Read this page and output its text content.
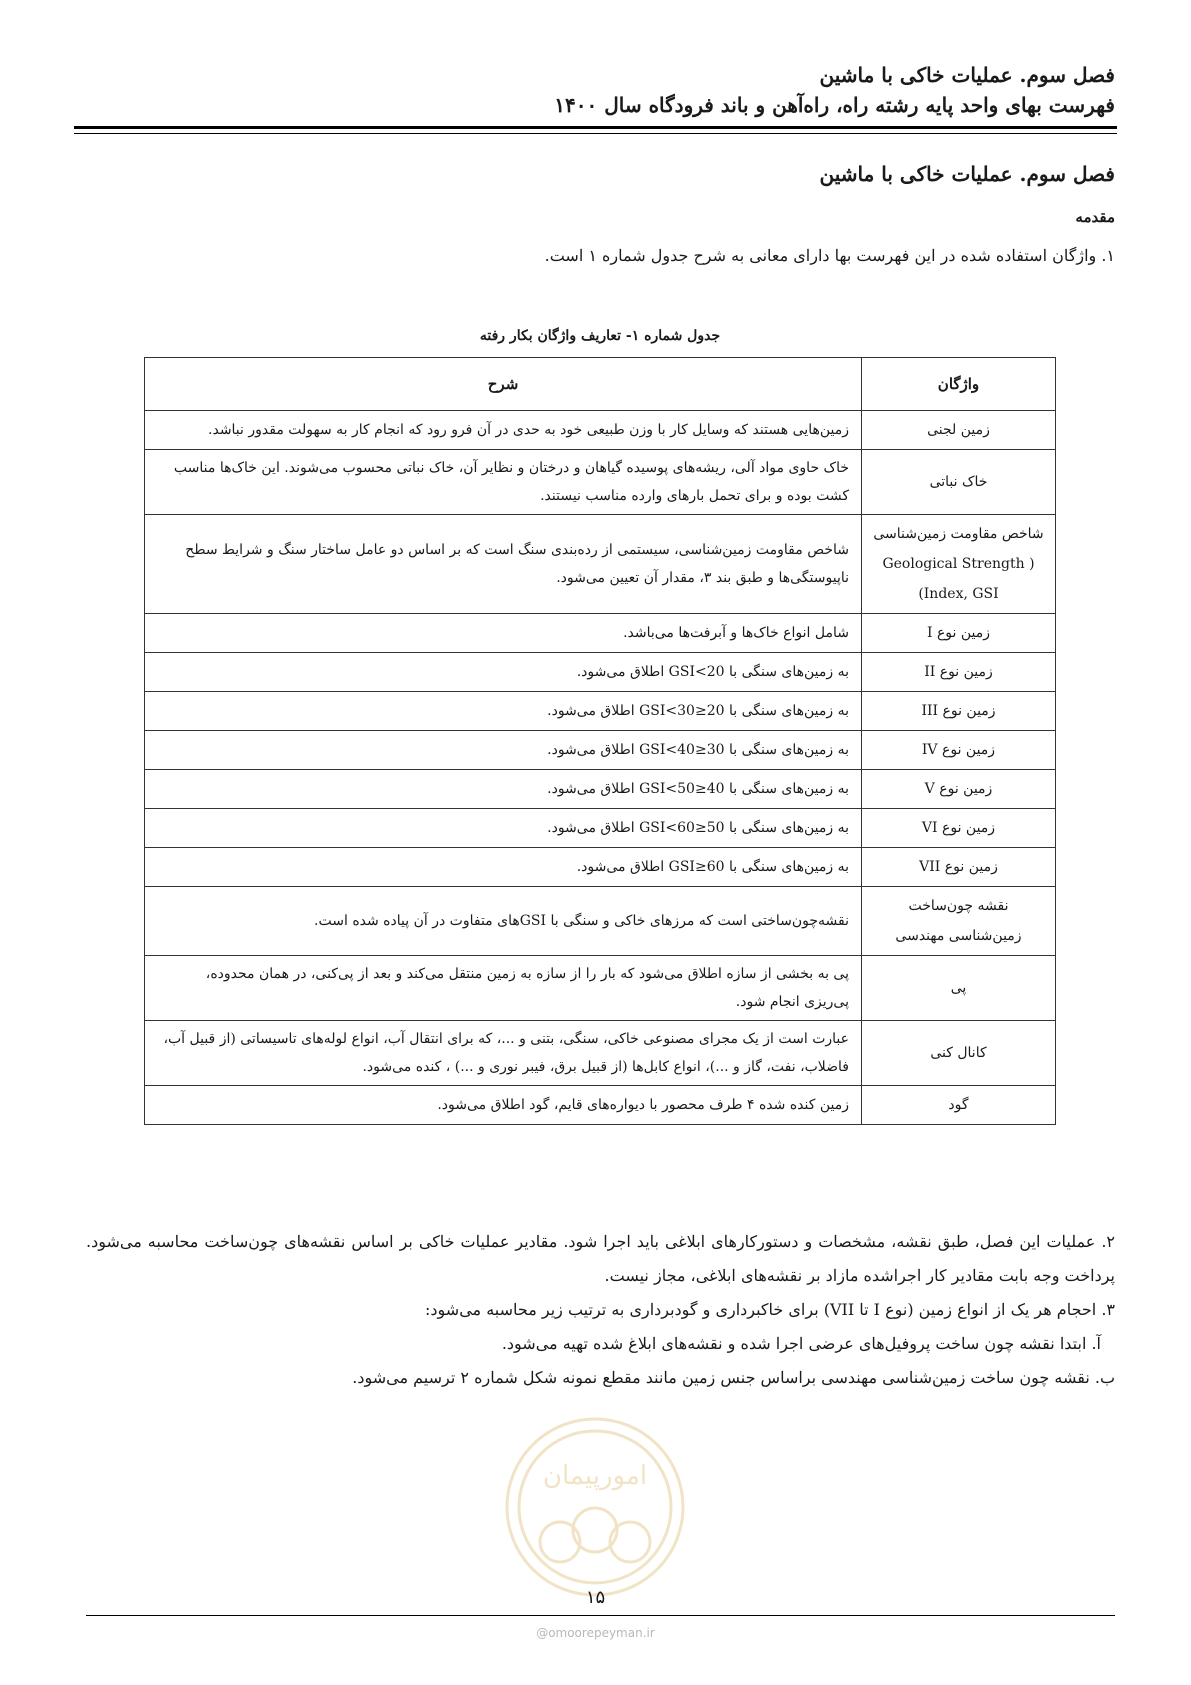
فصل سوم. عملیات خاکی با ماشین
فهرست بهای واحد پایه رشته راه، راه‌آهن و باند فرودگاه سال ۱۴۰۰
فصل سوم. عملیات خاکی با ماشین
مقدمه
۱. واژگان استفاده شده در این فهرست بها دارای معانی به شرح جدول شماره ۱ است.
جدول شماره ۱- تعاریف واژگان بکار رفته
واژگان	شرح
زمین لجنی	زمین‌هایی هستند که وسایل کار با وزن طبیعی خود به حدی در آن فرو رود که انجام کار به سهولت مقدور نباشد.
خاک نباتی	خاک حاوی مواد آلی، ریشه‌های پوسیده گیاهان و درختان و نظایر آن، خاک نباتی محسوب می‌شوند. این خاک‌ها مناسب کشت بوده و برای تحمل بارهای وارده مناسب نیستند.
شاخص مقاومت زمین‌شناسی ( Geological Strength Index, GSI)	شاخص مقاومت زمین‌شناسی، سیستمی از رده‌بندی سنگ است که بر اساس دو عامل ساختار سنگ و شرایط سطح ناپیوستگی‌ها و طبق بند ۳، مقدار آن تعیین می‌شود.
زمین نوع I	شامل انواع خاک‌ها و آبرفت‌ها می‌باشد.
زمین نوع II	به زمین‌های سنگی با GSI<20 اطلاق می‌شود.
زمین نوع III	به زمین‌های سنگی با 20≤GSI<30 اطلاق می‌شود.
زمین نوع IV	به زمین‌های سنگی با 30≤GSI<40 اطلاق می‌شود.
زمین نوع V	به زمین‌های سنگی با 40≤GSI<50 اطلاق می‌شود.
زمین نوع VI	به زمین‌های سنگی با 50≤GSI<60 اطلاق می‌شود.
زمین نوع VII	به زمین‌های سنگی با 60≤GSI اطلاق می‌شود.
نقشه چون‌ساخت زمین‌شناسی مهندسی	نقشه‌چون‌ساختی است که مرزهای خاکی و سنگی با GSIهای متفاوت در آن پیاده شده است.
پی	پی به بخشی از سازه اطلاق می‌شود که بار را از سازه به زمین منتقل می‌کند و بعد از پی‌کنی، در همان محدوده، پی‌ریزی انجام شود.
کانال کنی	عبارت است از یک مجرای مصنوعی خاکی، سنگی، بتنی و ...، که برای انتقال آب، انواع لوله‌های تاسیساتی (از قبیل آب، فاضلاب، نفت، گاز و ...)، انواع کابل‌ها (از قبیل برق، فیبر نوری و ...) ، کنده می‌شود.
گود	زمین کنده شده ۴ طرف محصور با دیواره‌های قایم، گود اطلاق می‌شود.

۲. عملیات این فصل، طبق نقشه، مشخصات و دستورکارهای ابلاغی باید اجرا شود. مقادیر عملیات خاکی بر اساس نقشه‌های چون‌ساخت محاسبه می‌شود. پرداخت وجه بابت مقادیر کار اجراشده مازاد بر نقشه‌های ابلاغی، مجاز نیست.

۳. احجام هر یک از انواع زمین (نوع I تا VII) برای خاکبرداری و گودبرداری به ترتیب زیر محاسبه می‌شود:

آ. ابتدا نقشه چون ساخت پروفیل‌های عرضی اجرا شده و نقشه‌های ابلاغ شده تهیه می‌شود.

ب. نقشه چون ساخت زمین‌شناسی مهندسی براساس جنس زمین مانند مقطع نمونه شکل شماره ۲ ترسیم می‌شود.

امورپیمان
۱۵
@omoorepeyman.ir
